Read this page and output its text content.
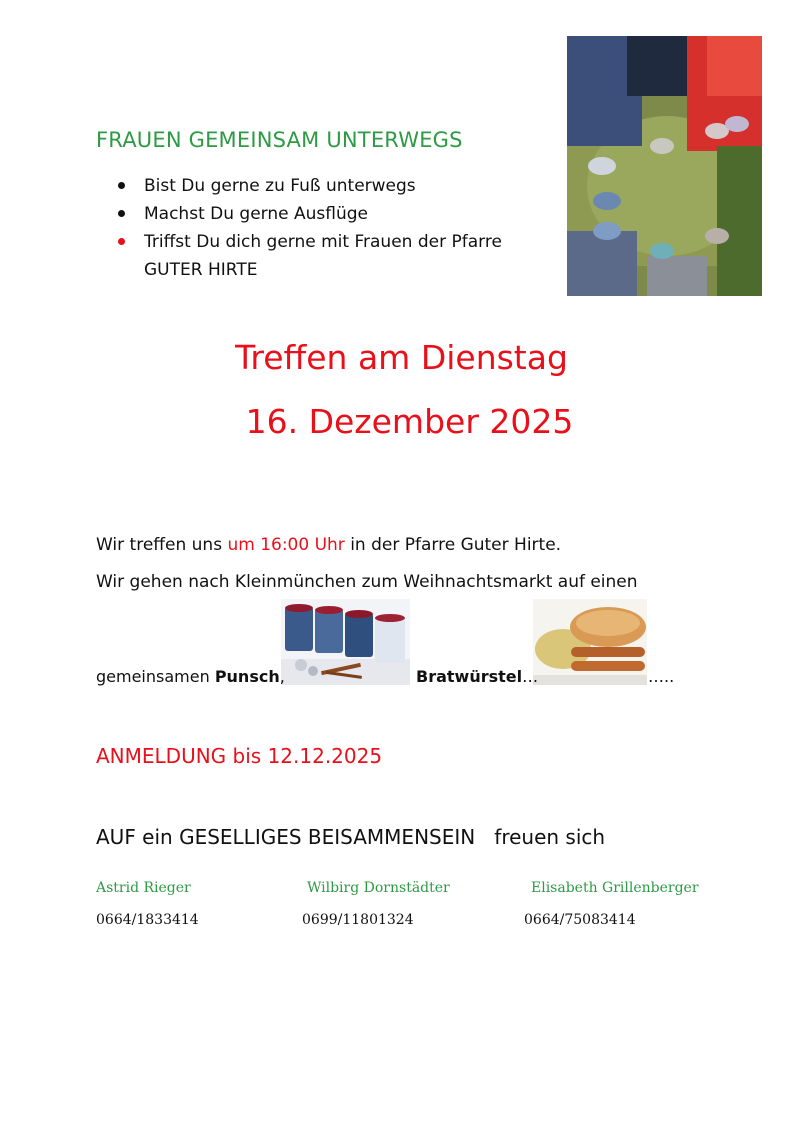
FRAUEN GEMEINSAM UNTERWEGS
Bist Du gerne zu Fuß unterwegs
Machst Du gerne Ausflüge
Triffst Du dich gerne mit Frauen der Pfarre
GUTER HIRTE
Treffen am Dienstag
16. Dezember 2025
Wir treffen uns um 16:00 Uhr in der Pfarre Guter Hirte.
Wir gehen nach Kleinmünchen zum Weihnachtsmarkt auf einen
gemeinsamen Punsch,	Bratwürstel…	…..
ANMELDUNG bis 12.12.2025
AUF ein GESELLIGES BEISAMMENSEIN   freuen sich
Astrid Rieger	Wilbirg Dornstädter	Elisabeth Grillenberger
0664/1833414	0699/11801324	0664/75083414
